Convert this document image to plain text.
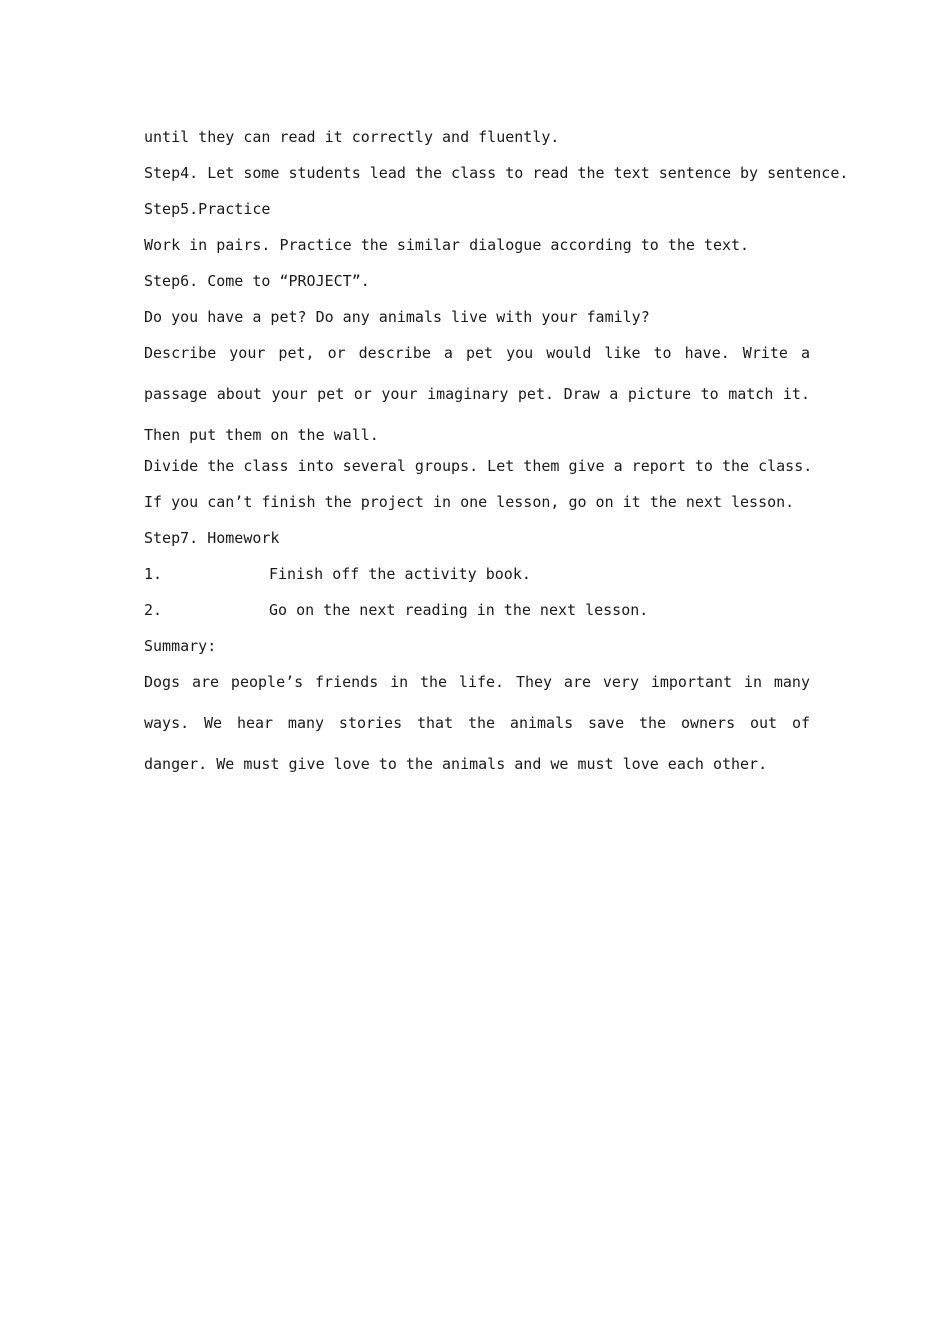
until they can read it correctly and fluently.
Step4. Let some students lead the class to read the text sentence by sentence.
Step5.Practice
Work in pairs. Practice the similar dialogue according to the text.
Step6. Come to “PROJECT”.
Do you have a pet? Do any animals live with your family?
Describe your pet, or describe a pet you would like to have. Write a passage about your pet or your imaginary pet. Draw a picture to match it. Then put them on the wall.
Divide the class into several groups. Let them give a report to the class.
If you can’t finish the project in one lesson, go on it the next lesson.
Step7. Homework
1.	Finish off the activity book.
2.	Go on the next reading in the next lesson.
Summary:
Dogs are people’s friends in the life. They are very important in many ways. We hear many stories that the animals save the owners out of danger. We must give love to the animals and we must love each other.
